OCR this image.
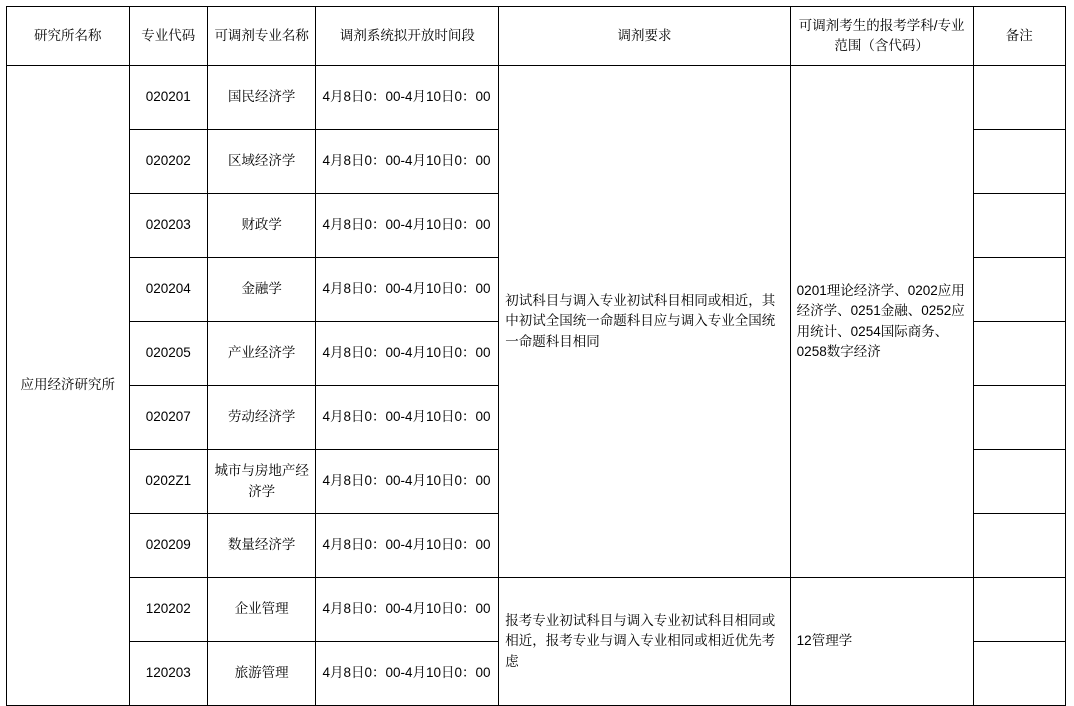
研究所名称	专业代码	可调剂专业名称	调剂系统拟开放时间段	调剂要求	可调剂考生的报考学科/专业范围（含代码）	备注
应用经济研究所	020201	国民经济学	4月8日0：00-4月10日0：00	初试科目与调入专业初试科目相同或相近，其中初试全国统一命题科目应与调入专业全国统一命题科目相同	0201理论经济学、0202应用经济学、0251金融、0252应用统计、0254国际商务、0258数字经济	
	020202	区域经济学	4月8日0：00-4月10日0：00			
	020203	财政学	4月8日0：00-4月10日0：00			
	020204	金融学	4月8日0：00-4月10日0：00			
	020205	产业经济学	4月8日0：00-4月10日0：00			
	020207	劳动经济学	4月8日0：00-4月10日0：00			
	0202Z1	城市与房地产经济学	4月8日0：00-4月10日0：00			
	020209	数量经济学	4月8日0：00-4月10日0：00			
	120202	企业管理	4月8日0：00-4月10日0：00	报考专业初试科目与调入专业初试科目相同或相近，报考专业与调入专业相同或相近优先考虑	12管理学	
	120203	旅游管理	4月8日0：00-4月10日0：00			
